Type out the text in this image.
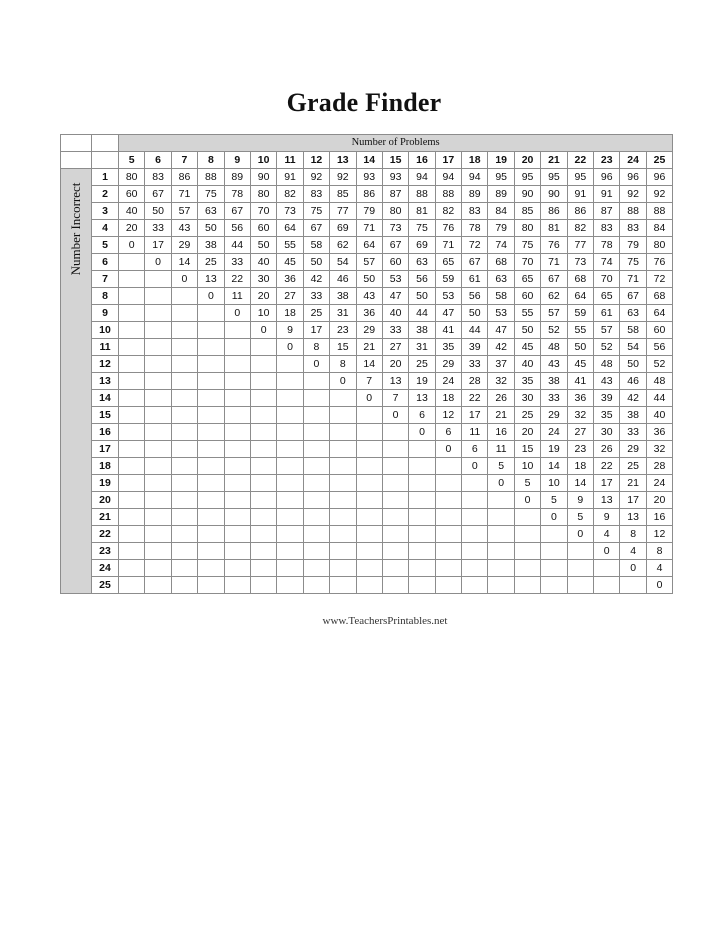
Grade Finder
		Number of Problems																				
		5	6	7	8	9	10	11	12	13	14	15	16	17	18	19	20	21	22	23	24	25

Number Incorrect	1	80	83	86	88	89	90	91	92	92	93	93	94	94	94	95	95	95	95	96	96	96
	2	60	67	71	75	78	80	82	83	85	86	87	88	88	89	89	90	90	91	91	92	92
	3	40	50	57	63	67	70	73	75	77	79	80	81	82	83	84	85	86	86	87	88	88
	4	20	33	43	50	56	60	64	67	69	71	73	75	76	78	79	80	81	82	83	83	84
	5	0	17	29	38	44	50	55	58	62	64	67	69	71	72	74	75	76	77	78	79	80
	6		0	14	25	33	40	45	50	54	57	60	63	65	67	68	70	71	73	74	75	76
	7			0	13	22	30	36	42	46	50	53	56	59	61	63	65	67	68	70	71	72
	8				0	11	20	27	33	38	43	47	50	53	56	58	60	62	64	65	67	68
	9					0	10	18	25	31	36	40	44	47	50	53	55	57	59	61	63	64
	10						0	9	17	23	29	33	38	41	44	47	50	52	55	57	58	60
	11							0	8	15	21	27	31	35	39	42	45	48	50	52	54	56
	12								0	8	14	20	25	29	33	37	40	43	45	48	50	52
	13									0	7	13	19	24	28	32	35	38	41	43	46	48
	14										0	7	13	18	22	26	30	33	36	39	42	44
	15											0	6	12	17	21	25	29	32	35	38	40
	16												0	6	11	16	20	24	27	30	33	36
	17													0	6	11	15	19	23	26	29	32
	18														0	5	10	14	18	22	25	28
	19															0	5	10	14	17	21	24
	20																0	5	9	13	17	20
	21																	0	5	9	13	16
	22																		0	4	8	12
	23																			0	4	8
	24																				0	4
	25																					0
www.TeachersPrintables.net
